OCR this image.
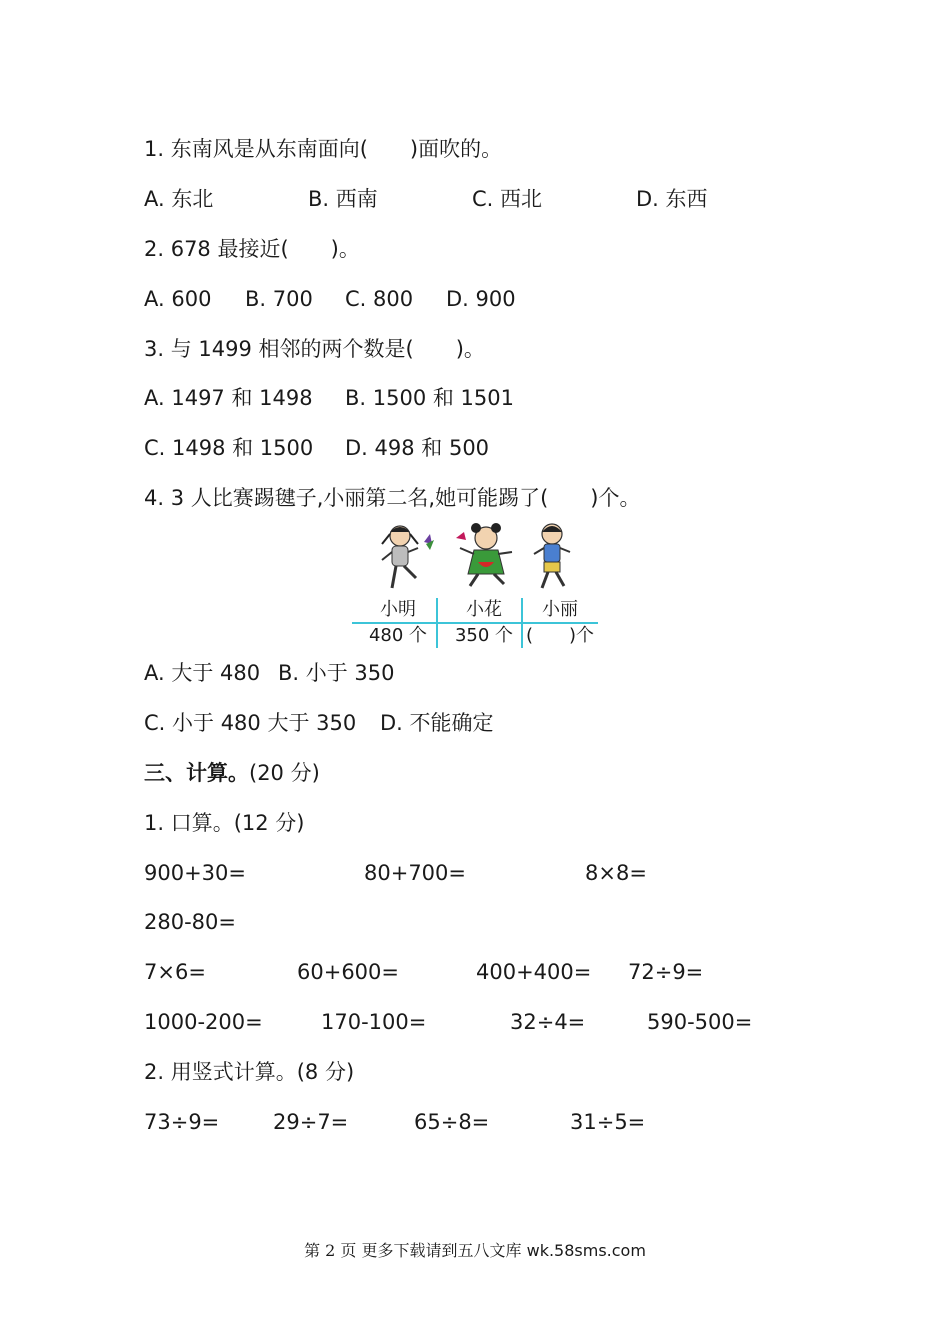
1. 东南风是从东南面向(　　)面吹的。
A. 东北	B. 西南	C. 西北	D. 东西
2. 678 最接近(　　)。
A. 600 B. 700 C. 800 D. 900
3. 与 1499 相邻的两个数是(　　)。
A. 1497 和 1498 B. 1500 和 1501
C. 1498 和 1500 D. 498 和 500
4. 3 人比赛踢毽子,小丽第二名,她可能踢了(　　)个。
小明	小花	小丽
480 个	350 个 (　　)个
A. 大于 480 B. 小于 350
C. 小于 480 大于 350 D. 不能确定
三、计算。(20 分)
1. 口算。(12 分)
900+30=	80+700=	8×8=
280-80=
7×6=	60+600=	400+400= 72÷9=
1000-200=	170-100=	32÷4=	590-500=
2. 用竖式计算。(8 分)
73÷9=	29÷7=	65÷8=	31÷5=
第 2 页 更多下载请到五八文库 wk.58sms.com
